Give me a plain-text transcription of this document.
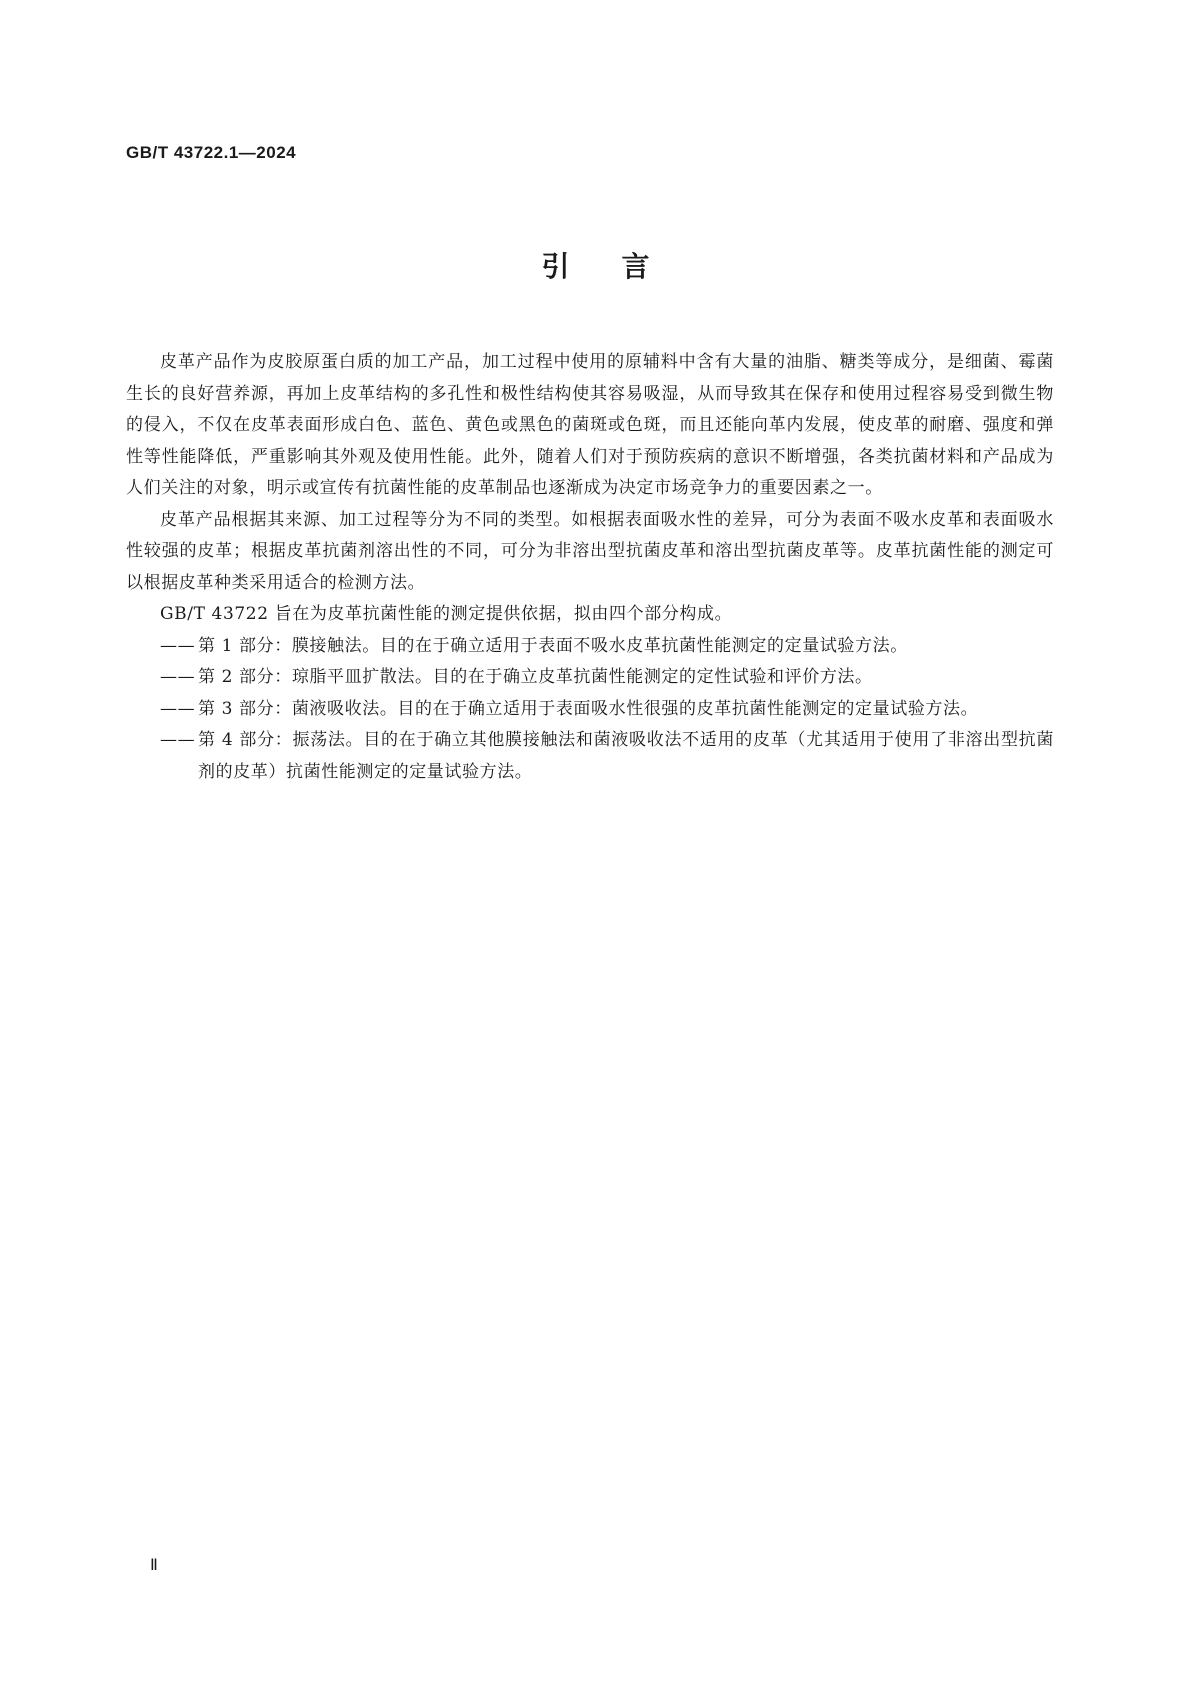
GB/T 43722.1—2024
引言

皮革产品作为皮胶原蛋白质的加工产品，加工过程中使用的原辅料中含有大量的油脂、糖类等成分，是细菌、霉菌生长的良好营养源，再加上皮革结构的多孔性和极性结构使其容易吸湿，从而导致其在保存和使用过程容易受到微生物的侵入，不仅在皮革表面形成白色、蓝色、黄色或黑色的菌斑或色斑，而且还能向革内发展，使皮革的耐磨、强度和弹性等性能降低，严重影响其外观及使用性能。此外，随着人们对于预防疾病的意识不断增强，各类抗菌材料和产品成为人们关注的对象，明示或宣传有抗菌性能的皮革制品也逐渐成为决定市场竞争力的重要因素之一。

皮革产品根据其来源、加工过程等分为不同的类型。如根据表面吸水性的差异，可分为表面不吸水皮革和表面吸水性较强的皮革；根据皮革抗菌剂溶出性的不同，可分为非溶出型抗菌皮革和溶出型抗菌皮革等。皮革抗菌性能的测定可以根据皮革种类采用适合的检测方法。

GB/T 43722 旨在为皮革抗菌性能的测定提供依据，拟由四个部分构成。

—— 第 1 部分：膜接触法。目的在于确立适用于表面不吸水皮革抗菌性能测定的定量试验方法。

—— 第 2 部分：琼脂平皿扩散法。目的在于确立皮革抗菌性能测定的定性试验和评价方法。

—— 第 3 部分：菌液吸收法。目的在于确立适用于表面吸水性很强的皮革抗菌性能测定的定量试验方法。

—— 第 4 部分：振荡法。目的在于确立其他膜接触法和菌液吸收法不适用的皮革（尤其适用于使用了非溶出型抗菌剂的皮革）抗菌性能测定的定量试验方法。

Ⅱ
